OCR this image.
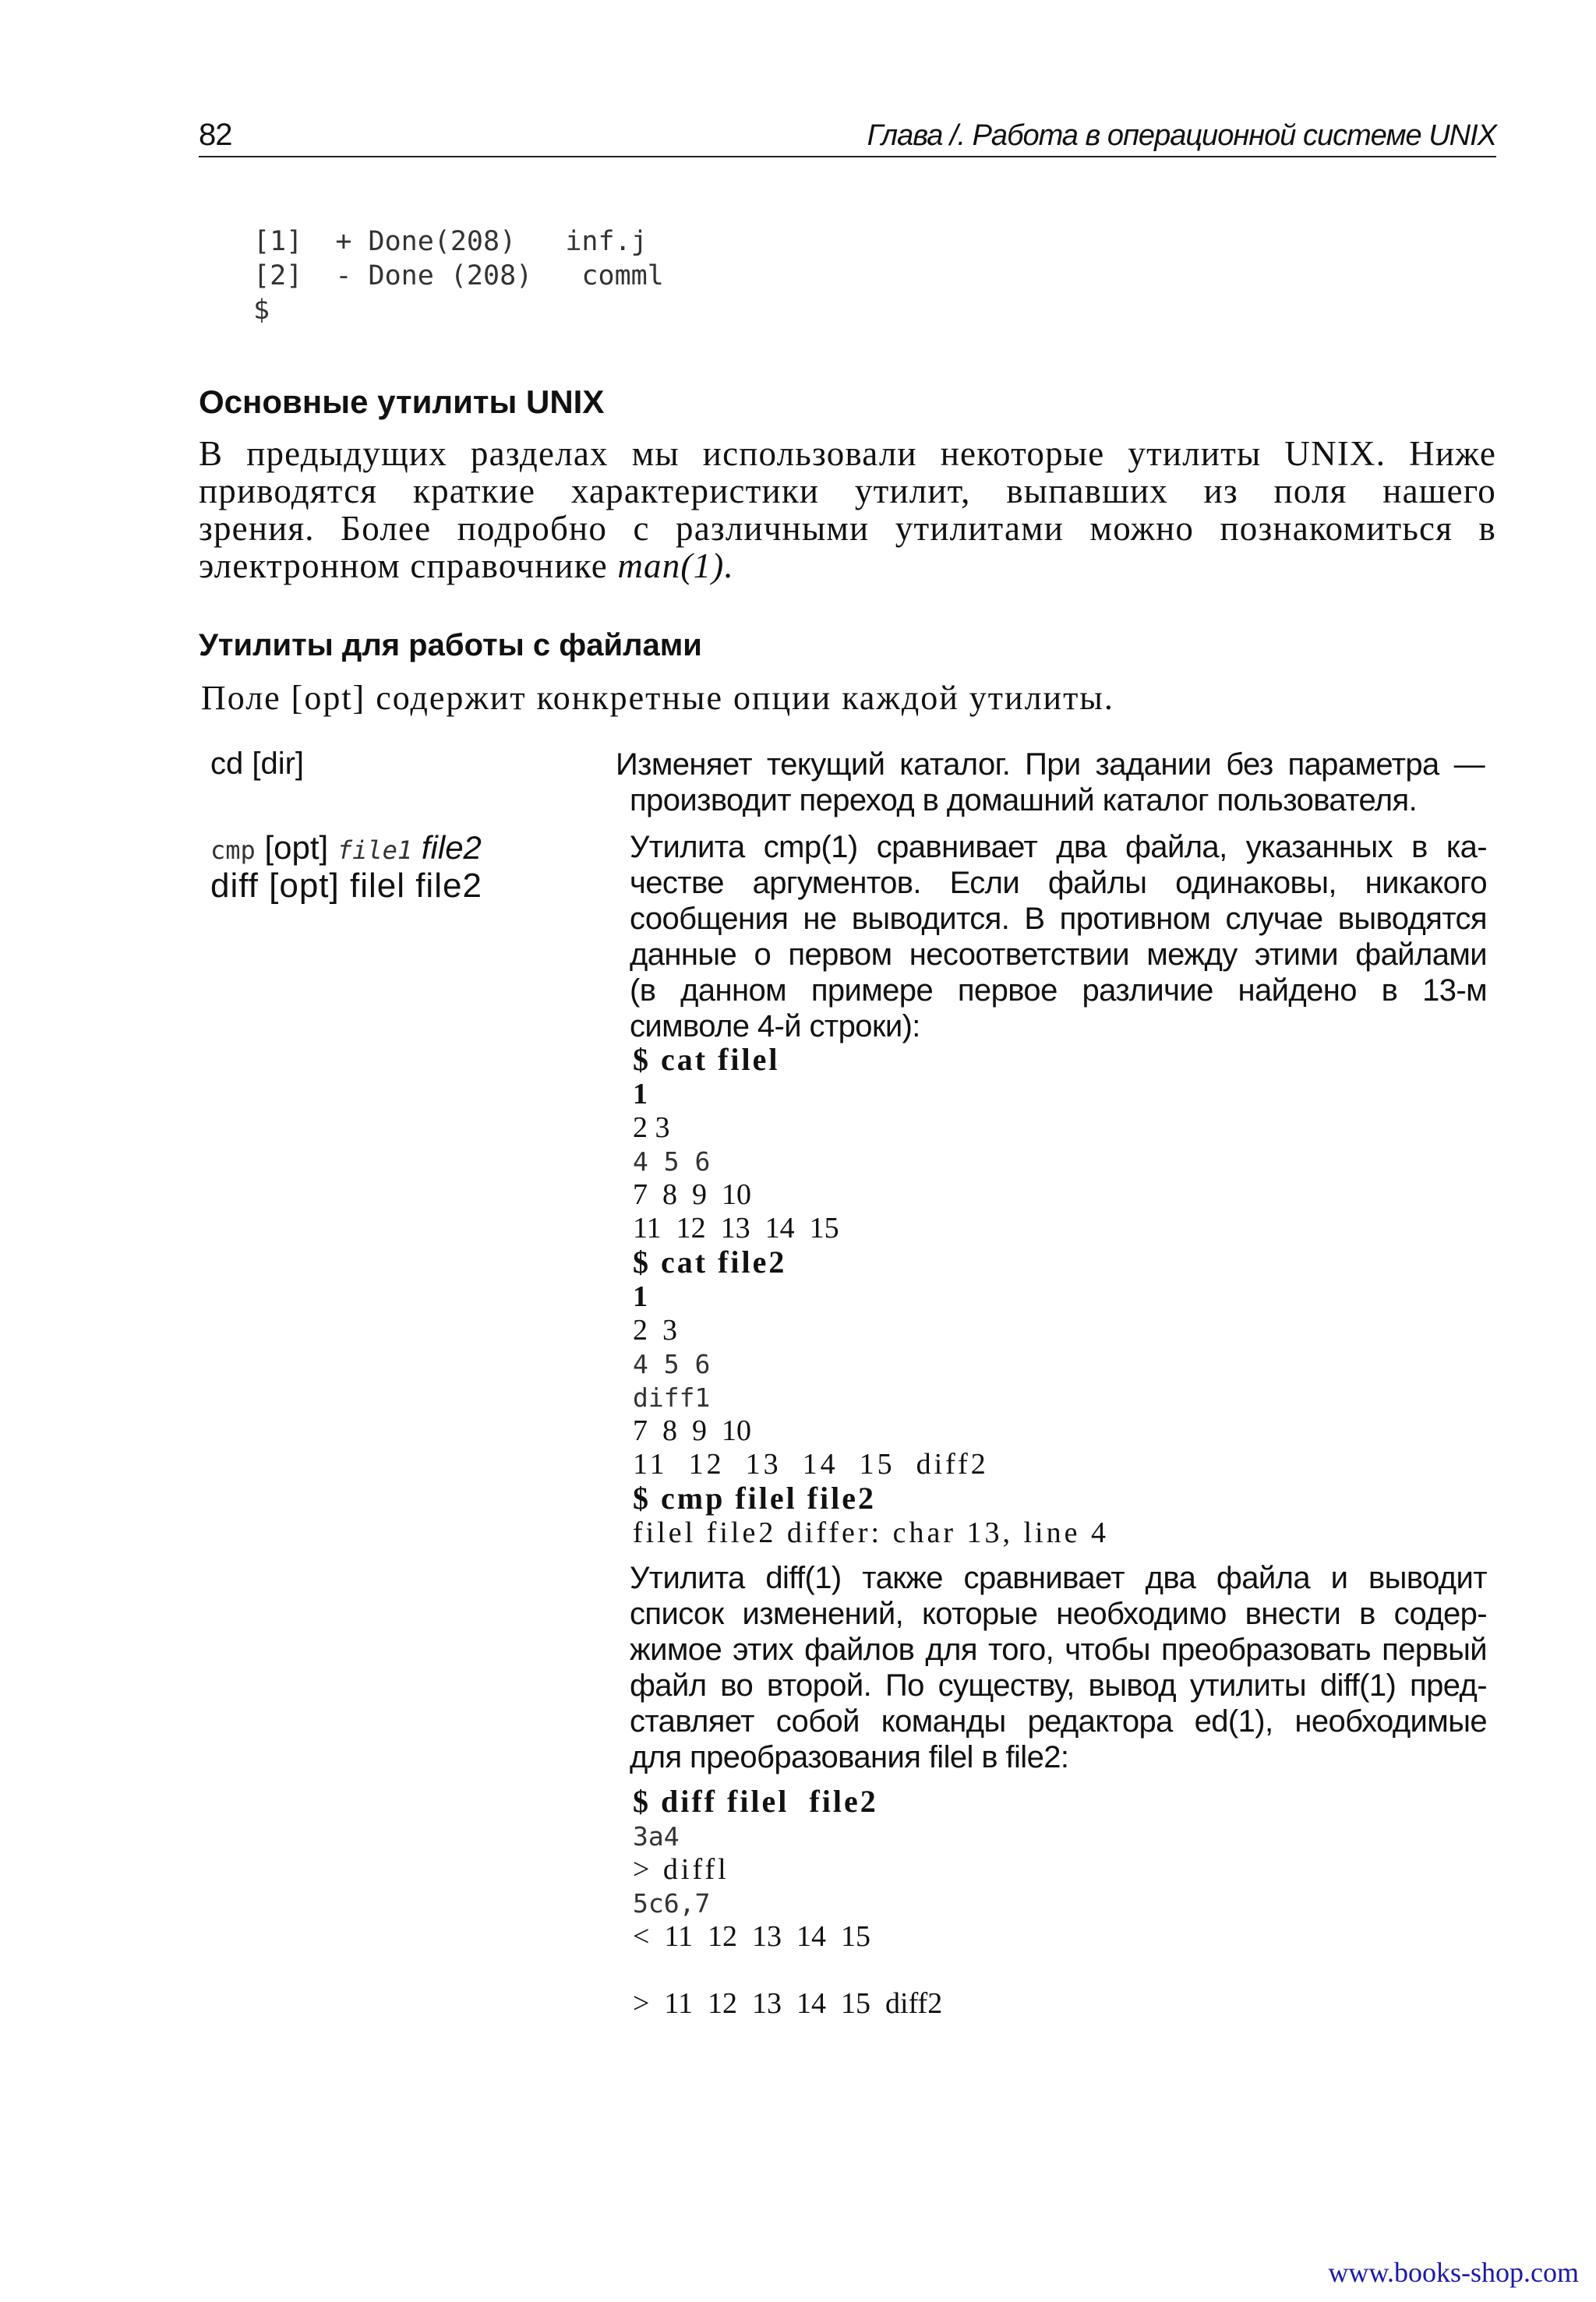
82	Глава /. Работа в операционной системе UNIX
[1]  + Done(208)   inf.j
[2]  - Done (208)   comml
$
Основные утилиты UNIX
В предыдущих разделах мы использовали некоторые утилиты UNIX. Ниже
приводятся краткие характеристики утилит, выпавших из поля нашего
зрения. Более подробно с различными утилитами можно познакомиться в
электронном справочнике man(1).
Утилиты для работы с файлами
Поле [opt] содержит конкретные опции каждой утилиты.
cd [dir]	Изменяет текущий каталог. При задании без параметра —
производит переход в домашний каталог пользователя.
cmp [opt] file1 file2
diff [opt] filel file2
Утилита cmp(1) сравнивает два файла, указанных в ка-
честве аргументов. Если файлы одинаковы, никакого
сообщения не выводится. В противном случае выводятся
данные о первом несоответствии между этими файлами
(в данном примере первое различие найдено в 13-м
символе 4-й строки):
$ cat filel
1
2 3
4 5 6
7  8  9  10
11  12  13  14  15
$ cat file2
1
2  3
4 5 6
diff1
7  8  9  10
11  12  13  14  15  diff2
$ cmp filel file2
filel file2 differ: char 13, line 4
Утилита diff(1) также сравнивает два файла и выводит
список изменений, которые необходимо внести в содер-
жимое этих файлов для того, чтобы преобразовать первый
файл во второй. По существу, вывод утилиты diff(1) пред-
ставляет собой команды редактора ed(1), необходимые
для преобразования filel в file2:
$ diff filel  file2
3a4
> diffl
5c6,7
<  11  12  13  14  15

>  11  12  13  14  15  diff2
www.books-shop.com
